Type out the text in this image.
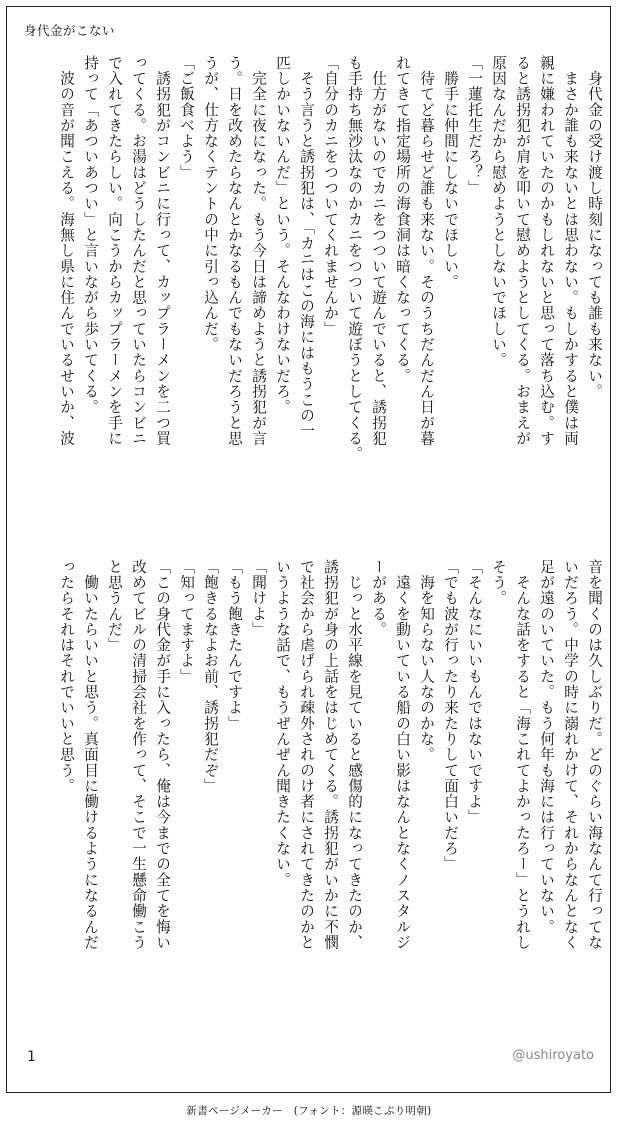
身代金がこない

　身代金の受け渡し時刻になっても誰も来ない。

　まさか誰も来ないとは思わない。もしかすると僕は両

親に嫌われていたのかもしれないと思って落ち込む。す

ると誘拐犯が肩を叩いて慰めようとしてくる。おまえが

原因なんだから慰めようとしないでほしい。

「一蓮托生だろ？」

　勝手に仲間にしないでほしい。

　待てど暮らせど誰も来ない。そのうちだんだん日が暮

れてきて指定場所の海食洞は暗くなってくる。

　仕方がないのでカニをつついて遊んでいると、誘拐犯

も手持ち無沙汰なのかカニをつついて遊ぼうとしてくる。

「自分のカニをつついてくれませんか」

　そう言うと誘拐犯は、「カニはこの海にはもうこの一

匹しかいないんだ」という。そんなわけないだろ。

　完全に夜になった。もう今日は諦めようと誘拐犯が言

う。日を改めたらなんとかなるもんでもないだろうと思

うが、仕方なくテントの中に引っ込んだ。

「ご飯食べよう」

　誘拐犯がコンビニに行って、カップラーメンを二つ買

ってくる。お湯はどうしたんだと思っていたらコンビニ

で入れてきたらしい。向こうからカップラーメンを手に

持って「あついあつい」と言いながら歩いてくる。

　波の音が聞こえる。海無し県に住んでいるせいか、波

音を聞くのは久しぶりだ。どのぐらい海なんて行ってな

いだろう。中学の時に溺れかけて、それからなんとなく

足が遠のいていた。もう何年も海には行っていない。

　そんな話をすると「海これてよかったろー」とうれし

そう。

「そんなにいいもんではないですよ」

「でも波が行ったり来たりして面白いだろ」

　海を知らない人なのかな。

　遠くを動いている船の白い影はなんとなくノスタルジ

ーがある。

　じっと水平線を見ていると感傷的になってきたのか、

誘拐犯が身の上話をはじめてくる。誘拐犯がいかに不憫

で社会から虐げられ疎外されのけ者にされてきたのかと

いうような話で、もうぜんぜん聞きたくない。

「聞けよ」

「もう飽きたんですよ」

「飽きるなよお前、誘拐犯だぞ」

「知ってますよ」

「この身代金が手に入ったら、俺は今までの全てを悔い

改めてビルの清掃会社を作って、そこで一生懸命働こう

と思うんだ」

　働いたらいいと思う。真面目に働けるようになるんだ

ったらそれはそれでいいと思う。

1	@ushiroyato
新書ページメーカー　(フォント：源暎こぶり明朝)
